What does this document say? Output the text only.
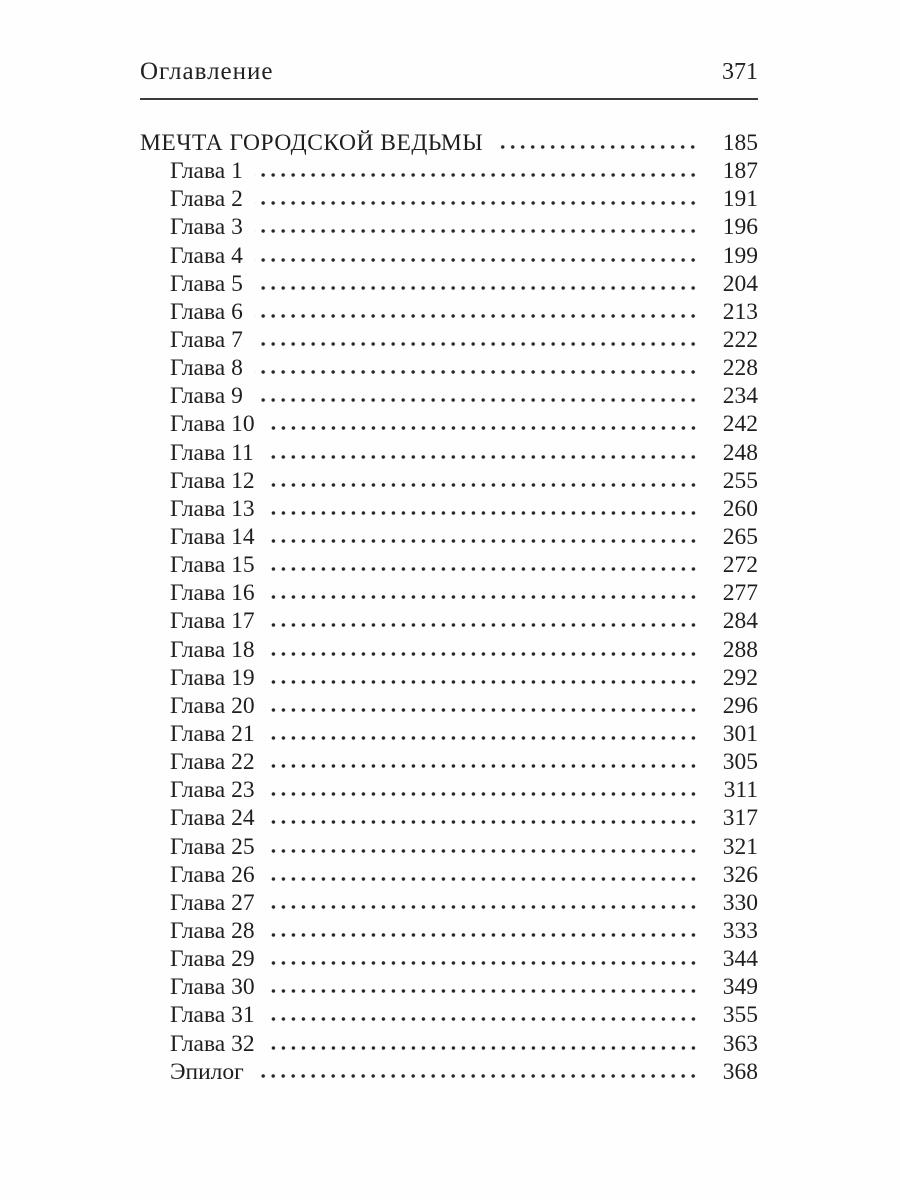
Оглавление	371
МЕЧТА ГОРОДСКОЙ ВЕДЬМЫ	185
Глава 1	187
Глава 2	191
Глава 3	196
Глава 4	199
Глава 5	204
Глава 6	213
Глава 7	222
Глава 8	228
Глава 9	234
Глава 10	242
Глава 11	248
Глава 12	255
Глава 13	260
Глава 14	265
Глава 15	272
Глава 16	277
Глава 17	284
Глава 18	288
Глава 19	292
Глава 20	296
Глава 21	301
Глава 22	305
Глава 23	311
Глава 24	317
Глава 25	321
Глава 26	326
Глава 27	330
Глава 28	333
Глава 29	344
Глава 30	349
Глава 31	355
Глава 32	363
Эпилог	368
